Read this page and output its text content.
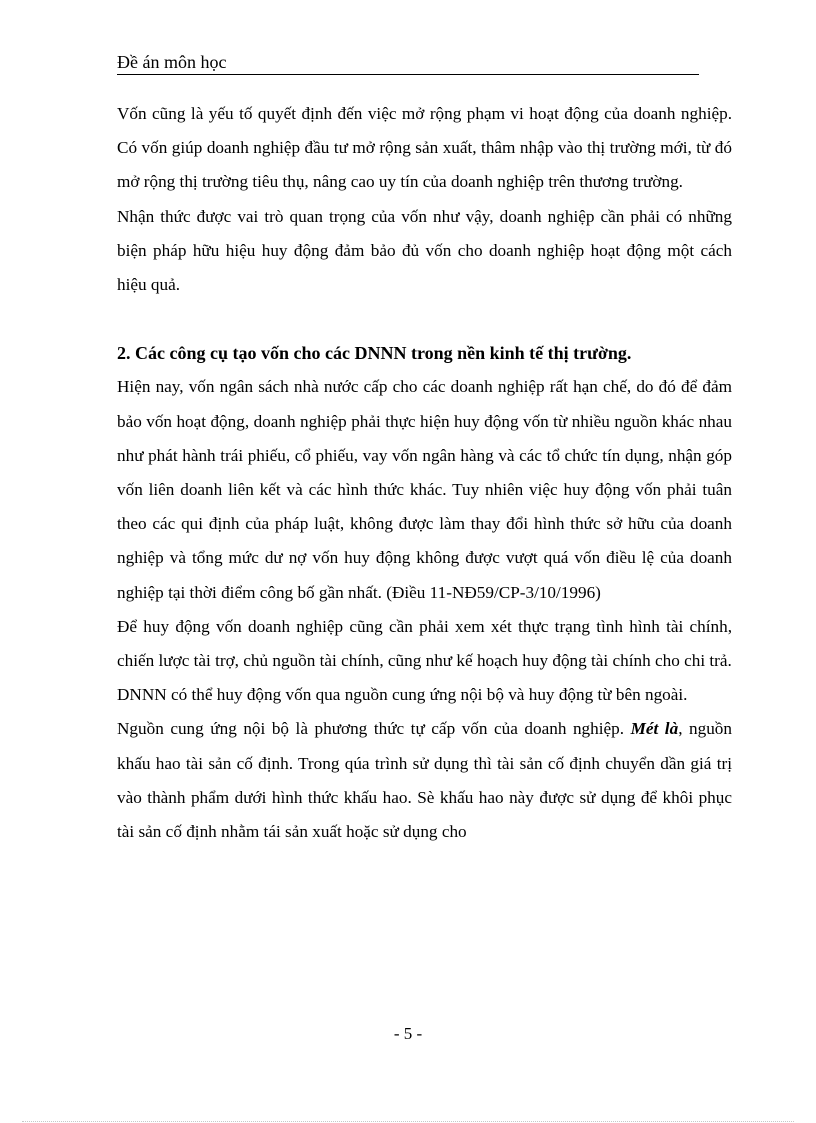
Đề án môn học

Vốn cũng là yếu tố quyết định đến việc mở rộng phạm vi hoạt động của doanh nghiệp. Có vốn giúp doanh nghiệp đầu tư mở rộng sản xuất, thâm nhập vào thị trường mới, từ đó mở rộng thị trường tiêu thụ, nâng cao uy tín của doanh nghiệp trên thương trường.

Nhận thức được vai trò quan trọng của vốn như vậy, doanh nghiệp cần phải có những biện pháp hữu hiệu huy động đảm bảo đủ vốn cho doanh nghiệp hoạt động một cách hiệu quả.

2. Các công cụ tạo vốn cho các DNNN trong nền kinh tế thị trường.

Hiện nay, vốn ngân sách nhà nước cấp cho các doanh nghiệp rất hạn chế, do đó để đảm bảo vốn hoạt động, doanh nghiệp phải thực hiện huy động vốn từ nhiều nguồn khác nhau như phát hành trái phiếu, cổ phiếu, vay vốn ngân hàng và các tổ chức tín dụng, nhận góp vốn liên doanh liên kết và các hình thức khác. Tuy nhiên việc huy động vốn phải tuân theo các qui định của pháp luật, không được làm thay đổi hình thức sở hữu của doanh nghiệp và tổng mức dư nợ vốn huy động không được vượt quá vốn điều lệ của doanh nghiệp tại thời điểm công bố gần nhất. (Điều 11-NĐ59/CP-3/10/1996)

Để huy động vốn doanh nghiệp cũng cần phải xem xét thực trạng tình hình tài chính, chiến lược tài trợ, chủ nguồn tài chính, cũng như kế hoạch huy động tài chính cho chi trả.

DNNN có thể huy động vốn qua nguồn cung ứng nội bộ và huy động từ bên ngoài.

Nguồn cung ứng nội bộ là phương thức tự cấp vốn của doanh nghiệp. Mét là, nguồn khấu hao tài sản cố định. Trong qúa trình sử dụng thì tài sản cố định chuyển dần giá trị vào thành phẩm dưới hình thức khấu hao. Sè khấu hao này được sử dụng để khôi phục tài sản cố định nhằm tái sản xuất hoặc sử dụng cho

- 5 -
